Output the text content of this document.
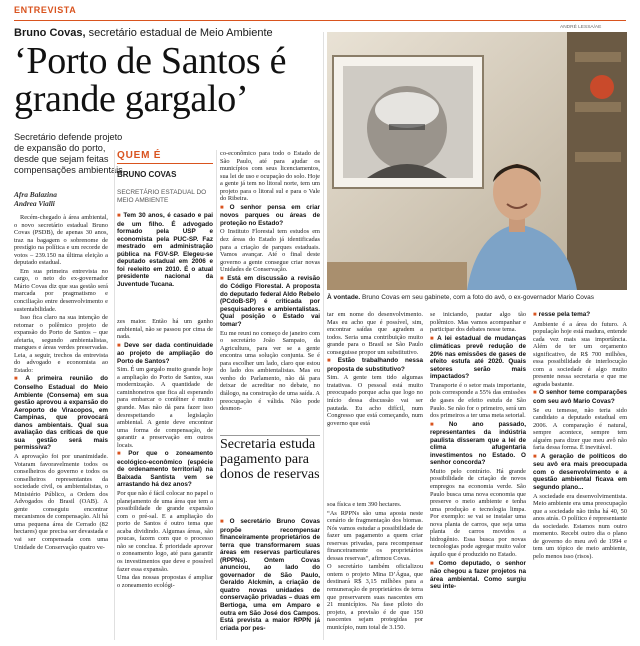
ENTREVISTA
Bruno Covas, secretário estadual de Meio Ambiente
‘Porto de Santos é grande gargalo’
Secretário defende projeto de expansão do porto, desde que sejam feitas compensações ambientais
Afra Balazina
Andrea Vialli

Recém-chegado à área ambiental, o novo secretário estadual Bruno Covas (PSDB), de apenas 30 anos, traz na bagagem o sobrenome de prestígio na política e um recorde de votos – 239.150 na última eleição a deputado estadual.

Em sua primeira entrevista no cargo, o neto do ex-governador Mário Covas diz que sua gestão será marcada por pragmatismo e conciliação entre desenvolvimento e sustentabilidade.

Isso fica claro na sua intenção de retomar o polêmico projeto de expansão do Porto de Santos – que afetaria, segundo ambientalistas, mangues e áreas verdes preservadas. Leia, a seguir, trechos da entrevista do advogado e economista ao Estado:

■ A primeira reunião do Conselho Estadual do Meio Ambiente (Consema) em sua gestão aprovou a expansão do Aeroporto de Viracopos, em Campinas, que provocará danos ambientais. Qual sua avaliação das críticas de que sua gestão será mais permissiva?

A aprovação foi por unanimidade. Votaram favoravelmente todos os conselheiros do governo e todos os conselheiros representantes da sociedade civil, os ambientalistas, o Ministério Público, a Ordem dos Advogados do Brasil (OAB). A gente conseguiu encontrar mecanismos de compensação. Ali há uma pequena área de Cerrado (82 hectares) que precisa ser devastada e vai ser compensada com uma Unidade de Conservação quatro ve-

QUEM É
BRUNO COVAS
SECRETÁRIO ESTADUAL DO MEIO AMBIENTE

■ Tem 30 anos, é casado e pai de um filho. É advogado formado pela USP e economista pela PUC-SP. Faz mestrado em administração pública na FGV-SP. Elegeu-se deputado estadual em 2006 e foi reeleito em 2010. É o atual presidente nacional da Juventude Tucana.

zes maior. Então há um ganho ambiental, não se passou por cima de nada.

■ Deve ser dada continuidade ao projeto de ampliação do Porto de Santos?

Sim. É um gargalo muito grande hoje a ampliação do Porto de Santos, sua modernização. A quantidade de caminhoneiros que fica ali esperando para embarcar o contêiner é muito grande. Mas não dá para fazer isso desrespeitando a legislação ambiental. A gente deve encontrar uma forma de compensação, de garantir a preservação em outros locais.

■ Por que o zoneamento ecológico-econômico (espécie de ordenamento territorial) na Baixada Santista vem se arrastando há dez anos?

Por que não é fácil colocar no papel o planejamento de uma área que tem a possibilidade de grande expansão com o pré-sal. E a ampliação do porto de Santos é outro tema que acaba dividindo. Algumas áreas, são poucas, fazem com que o processo não se conclua. É prioridade aprovar o zoneamento logo, até para garantir os investimentos que deve e possível fazer essa expansão.

Uma das nossas propostas é ampliar o zoneamento ecológi-

co-econômico para todo o Estado de São Paulo, até para ajudar os municípios com seus licenciamentos, sua lei de uso e ocupação do solo. Hoje a gente já tem no litoral norte, tem um projeto para o litoral sul e para o Vale do Ribeira.

■ O senhor pensa em criar novos parques ou áreas de proteção no Estado?

O Instituto Florestal tem estudos em dez áreas do Estado já identificadas para a criação de parques estaduais. Vamos avançar. Até o final deste governo a gente consegue criar novas Unidades de Conservação.

■ Está em discussão a revisão do Código Florestal. A proposta do deputado federal Aldo Rebelo (PCdoB-SP) é criticada por pesquisadores e ambientalistas. Qual posição o Estado vai tomar?

Eu me reuni no começo de janeiro com o secretário João Sampaio, da Agricultura, para ver se a gente encontra uma solução conjunta. Se é para escolher um lado, claro que estou do lado dos ambientalistas. Mas eu venho do Parlamento, não dá para deixar de acreditar no debate, no diálogo, na construção de uma saída. A preocupação é válida. Não pode desmon-

Secretaria estuda pagamento para donos de reservas

■ O secretário Bruno Covas propõe recompensar financeiramente proprietários de terra que transformarem suas áreas em reservas particulares (RPPNs). Ontem Covas anunciou, ao lado do governador de São Paulo, Geraldo Alckmin, a criação de quatro novas unidades de conservação privadas – duas em Bertioga, uma em Amparo e outra em São José dos Campos. Está prevista a maior RPPN já criada por pes-

ANDRÉ LESSA/AE
À vontade. Bruno Covas em seu gabinete, com a foto do avô, o ex-governador Mario Covas

tar em nome do desenvolvimento. Mas eu acho que é possível, sim, encontrar saídas que agradem a todos. Seria uma contribuição muito grande para o Brasil se São Paulo conseguisse propor um substitutivo.

■ Estão trabalhando nessa proposta de substitutivo?

Sim. A gente tem tido algumas tratativas. O pessoal está muito preocupado porque acha que logo no início dessa discussão vai ser pautada. Eu acho difícil, num Congresso que está começando, num governo que está

soa física e tem 390 hectares.

“As RPPNs são uma aposta neste cenário de fragmentação dos biomas. Nós vamos estudar a possibilidade de fazer um pagamento a quem criar reservas privadas, para recompensar financeiramente os proprietários dessas reservas”, afirmou Covas.

O secretário também oficializou ontem o projeto Mina D’Água, que destinará R$ 3,15 milhões para a remuneração de proprietários de terra que preservarem suas nascentes em 21 municípios. Na fase piloto do projeto, a previsão é de que 150 nascentes sejam protegidas por município, num total de 3.150.

se iniciando, pautar algo tão polêmico. Mas vamos acompanhar e participar dos debates nesse tema.

■ A lei estadual de mudanças climáticas prevê redução de 20% nas emissões de gases de efeito estufa até 2020. Quais setores serão mais impactados?

Transporte é o setor mais importante, pois corresponde a 55% das emissões de gases de efeito estufa de São Paulo. Se não for o primeiro, será um dos primeiros a ter uma meta setorial.

■ No ano passado, representantes da indústria paulista disseram que a lei de clima afugentaria investimentos no Estado. O senhor concorda?

Muito pelo contrário. Há grande possibilidade de criação de novos empregos na economia verde. São Paulo busca uma nova economia que preserve o meio ambiente e tenha uma produção e tecnologia limpa. Por exemplo: se vai se instalar uma nova planta de carros, que seja uma planta de carros movidos a hidrogênio. Essa busca por novas tecnologias pode agregar muito valor àquilo que é produzido no Estado.

■ Como deputado, o senhor não chegou a fazer projetos na área ambiental. Como surgiu seu inte-

■ resse pela tema?

Ambiente é a área do futuro. A população hoje está madura, entende cada vez mais sua importância. Além de ter um orçamento significativo, de R$ 700 milhões, essa possibilidade de interlocução com a sociedade é algo muito presente nessa secretaria e que me agrada bastante.

■ O senhor teme comparações com seu avô Mario Covas?

Se eu temesse, não teria sido candidato a deputado estadual em 2006. A comparação é natural, sempre acontece, sempre tem alguém para dizer que meu avô não faria dessa forma. É inevitável.

■ A geração de políticos do seu avô era mais preocupada com o desenvolvimento e a questão ambiental ficava em segundo plano...

A sociedade era desenvolvimentista. Meio ambiente era uma preocupação que a sociedade não tinha há 40, 50 anos atrás. O político é representante da sociedade. Estamos num outro momento. Recebi outro dia o plano de governo do meu avô de 1994 e tem um tópico de meio ambiente, pelo menos isso (risos).
